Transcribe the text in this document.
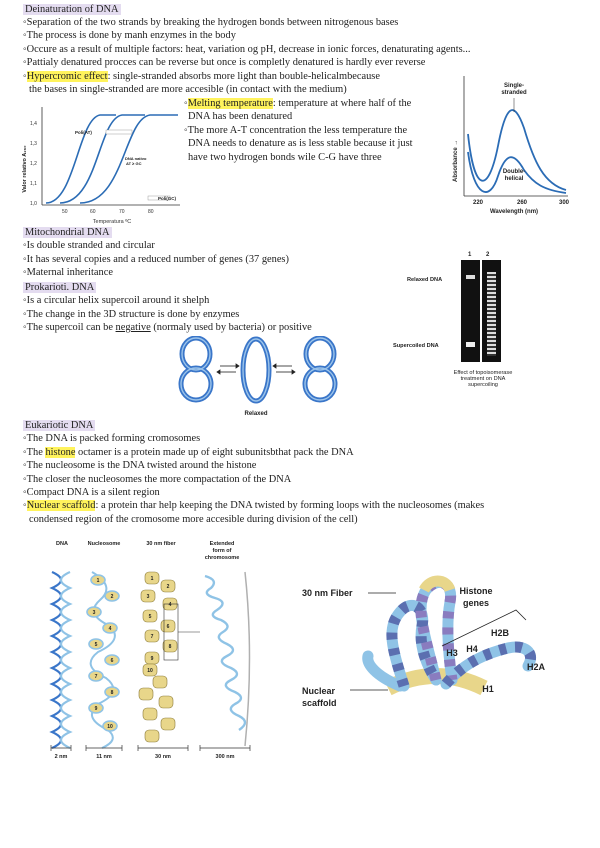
Deinaturation of DNA
◦Separation of the two strands by breaking the hydrogen bonds between nitrogenous bases
◦The process is done by manh enzymes in the body
◦Occure as a result of multiple factors: heat, variation og pH, decrease in ionic forces, denaturating agents...
◦Pattialy denatured procces can be reverse but once is completly denatured is hardly ever reverse
◦Hypercromic effect: single-stranded absorbs more light than bouble-helicalmbecause
the bases in single-stranded are more accesible (in contact with the medium)
◦Melting temperature: temperature at where half of the
DNA has been denatured
◦The more A-T concentration the less temperature the
DNA needs to denature as is less stable because it just
have two hydrogen bonds wile C-G have three
Valor relativo A₂₆₀
1,4
1,3
1,2
1,1
1,0
50	60	70	80
Temperatura ºC
Poli(AT)
DNA nativo
AT ≥ GC
Poli(GC)
Absorbance →
Single-
stranded
Double-
helical
220	260	300
Wavelength (nm)
Mitochondrial DNA
◦Is double stranded and circular
◦It has several copies and a reduced number of genes (37 genes)
◦Maternal inheritance
Prokarioti. DNA
◦Is a circular helix supercoil around it shelph
◦The change in the 3D structure is done by enzymes
◦The supercoil can be negative (normaly used by bacteria) or positive
Relaxed
1 2
Relaxed DNA
Supercoiled DNA
Effect of topoisomerase
treatment on DNA supercoiling
Eukariotic DNA
◦The DNA is packed forming cromosomes
◦The histone octamer is a protein made up of eight subunitsbthat pack the DNA
◦The nucleosome is the DNA twisted around the histone
◦The closer the nucleosomes the more compactation of the DNA
◦Compact DNA is a silent region
◦Nuclear scaffold: a protein thar help keeping the DNA twisted by forming loops with the nucleosomes (makes
condensed region of the cromosome more accesible during division of the cell)
DNA	Nucleosome	30 nm fiber	Extended
form of
chromosome
1
2
3
4
5
6
7
8
9
10
1
2
3
4
5
6
7
8
9
10
2 nm	11 nm	30 nm	300 nm
30 nm Fiber	Histone
genes
H2B
H3 H4
H2A
H1
Nuclear
scaffold
